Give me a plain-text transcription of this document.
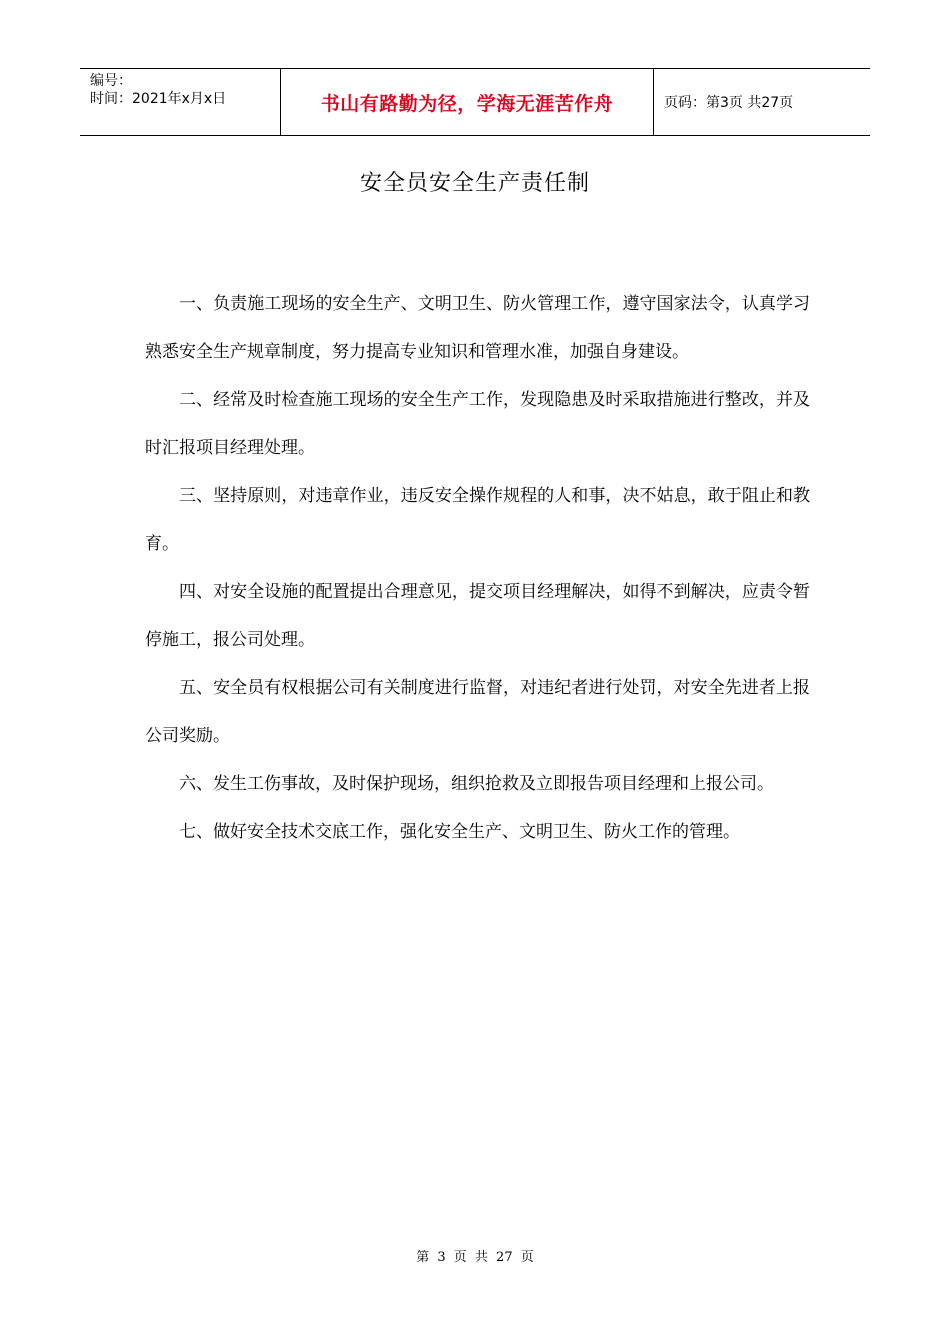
编号：
时间：2021年x月x日	书山有路勤为径，学海无涯苦作舟	页码：第3页 共27页
安全员安全生产责任制

一、负责施工现场的安全生产、文明卫生、防火管理工作，遵守国家法令，认真学习熟悉安全生产规章制度，努力提高专业知识和管理水准，加强自身建设。

二、经常及时检查施工现场的安全生产工作，发现隐患及时采取措施进行整改，并及时汇报项目经理处理。

三、坚持原则，对违章作业，违反安全操作规程的人和事，决不姑息，敢于阻止和教育。

四、对安全设施的配置提出合理意见，提交项目经理解决，如得不到解决，应责令暂停施工，报公司处理。

五、安全员有权根据公司有关制度进行监督，对违纪者进行处罚，对安全先进者上报公司奖励。

六、发生工伤事故，及时保护现场，组织抢救及立即报告项目经理和上报公司。

七、做好安全技术交底工作，强化安全生产、文明卫生、防火工作的管理。

第 3 页 共 27 页
